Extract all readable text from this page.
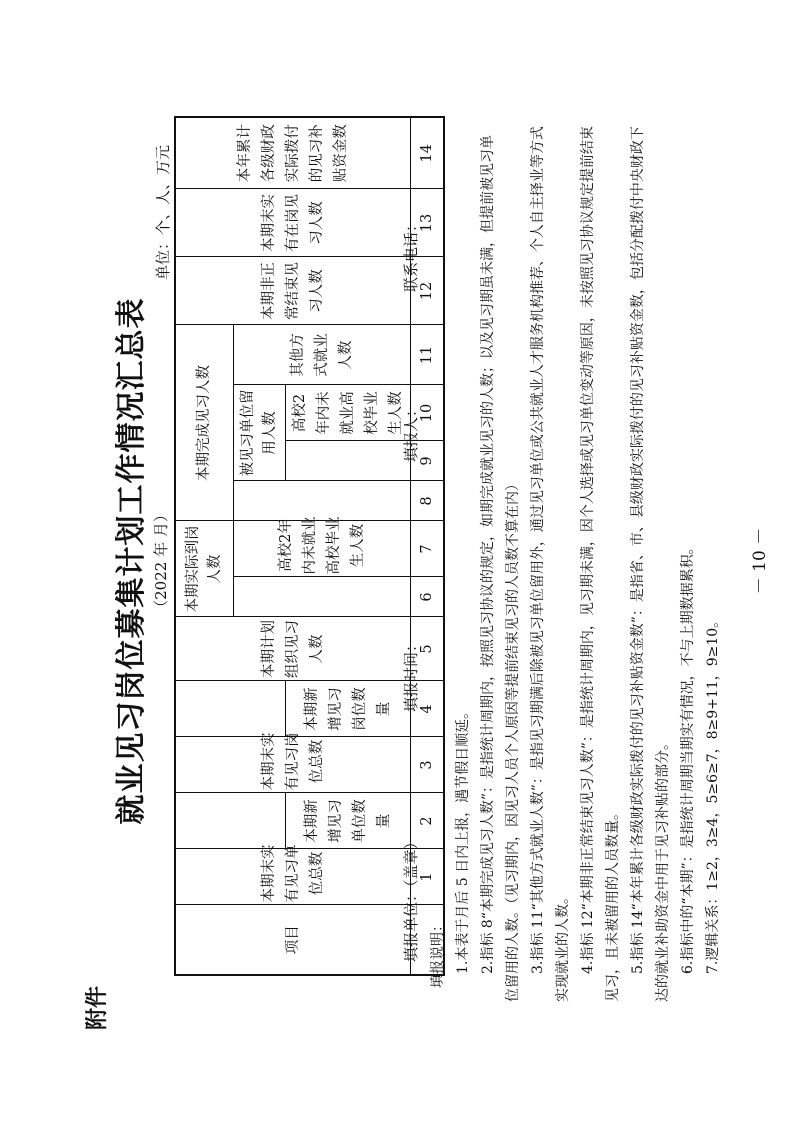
附件
就业见习岗位募集计划工作情况汇总表 （2022 年 月）
单位：个、人、万元
项目	本期末实有见习单位总数		本期末实有见习岗位总数		本期计划组织见习人数	本期实际到岗人数		本期完成见习人数				本期非正常结束见习人数	本期末实有在岗见习人数	本年累计各级财政实际拨付的见习补贴资金数
							高校2年内未就业高校毕业生人数		被见习单位留用人数		其他方式就业人数			

		本期新增见习单位数量		本期新增见习岗位数量						高校2年内未就业高校毕业生人数				
	1	2	3	4	5	6	7	8	9	10	11	12	13	14
填报单位：（盖章）
填报时间：
填报人：
联系电话：

填报说明： 1.本表于月后 5 日内上报，遇节假日顺延。 2.指标 8“本期完成见习人数”：是指统计周期内，按照见习协议的规定，如期完成就业见习的人数；以及见习期虽未满，但提前被见习单位留用的人数。（见习期内，因见习人员个人原因等提前结束见习的人员数不算在内） 3.指标 11“其他方式就业人数”：是指见习期满后除被见习单位留用外，通过见习单位或公共就业人才服务机构推荐、个人自主择业等方式实现就业的人数。 4.指标 12“本期非正常结束见习人数”：是指统计周期内，见习期未满，因个人选择或见习单位变动等原因，未按照见习协议规定提前结束见习，且未被留用的人员数量。 5.指标 14“本年累计各级财政实际拨付的见习补贴资金数”：是指省、市、县级财政实际拨付的见习补贴资金数，包括分配拨付中央财政下达的就业补助资金中用于见习补贴的部分。 6.指标中的“本期”：是指统计周期当期实有情况，不与上期数据累积。 7.逻辑关系：1≥2，3≥4，5≥6≥7，8≥9+11，9≥10。

－ 10 －
